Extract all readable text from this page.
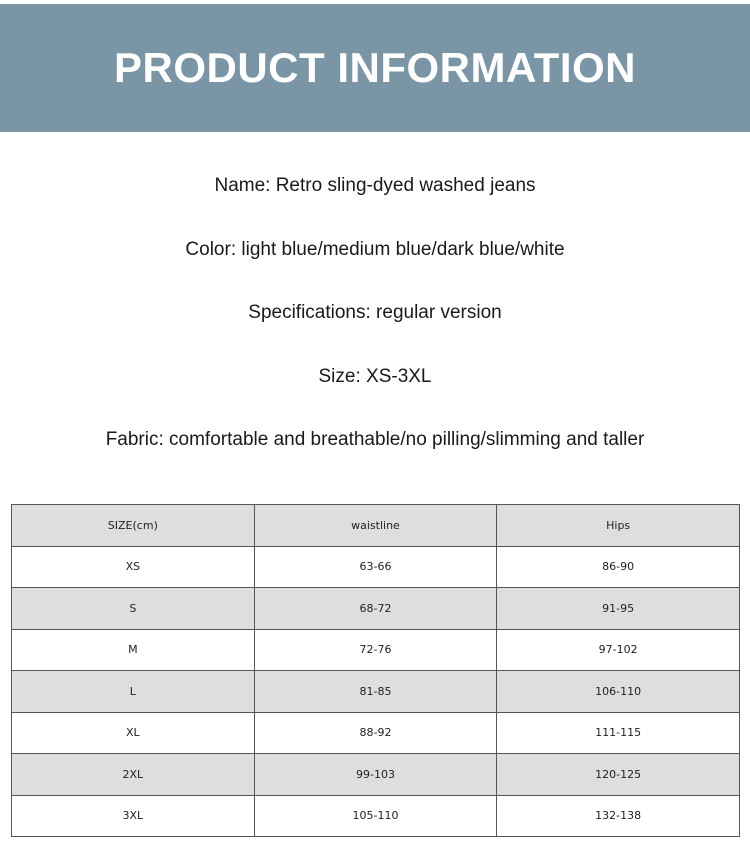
PRODUCT INFORMATION
Name: Retro sling-dyed washed jeans
Color: light blue/medium blue/dark blue/white
Specifications: regular version
Size: XS-3XL
Fabric: comfortable and breathable/no pilling/slimming and taller
SIZE(cm)	waistline	Hips
XS	63-66	86-90
S	68-72	91-95
M	72-76	97-102
L	81-85	106-110
XL	88-92	111-115
2XL	99-103	120-125
3XL	105-110	132-138
